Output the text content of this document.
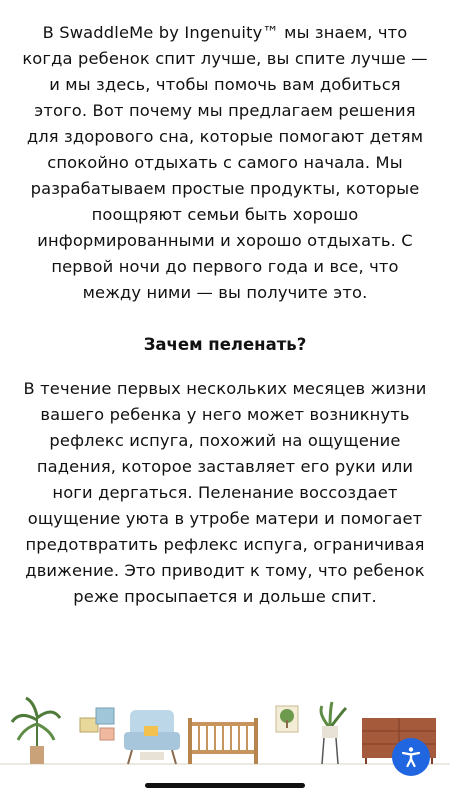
В SwaddleMe by Ingenuity™ мы знаем, что когда ребенок спит лучше, вы спите лучше — и мы здесь, чтобы помочь вам добиться этого. Вот почему мы предлагаем решения для здорового сна, которые помогают детям спокойно отдыхать с самого начала. Мы разрабатываем простые продукты, которые поощряют семьи быть хорошо информированными и хорошо отдыхать. С первой ночи до первого года и все, что между ними — вы получите это.

Зачем пеленать?

В течение первых нескольких месяцев жизни вашего ребенка у него может возникнуть рефлекс испуга, похожий на ощущение падения, которое заставляет его руки или ноги дергаться. Пеленание воссоздает ощущение уюта в утробе матери и помогает предотвратить рефлекс испуга, ограничивая движение. Это приводит к тому, что ребенок реже просыпается и дольше спит.
